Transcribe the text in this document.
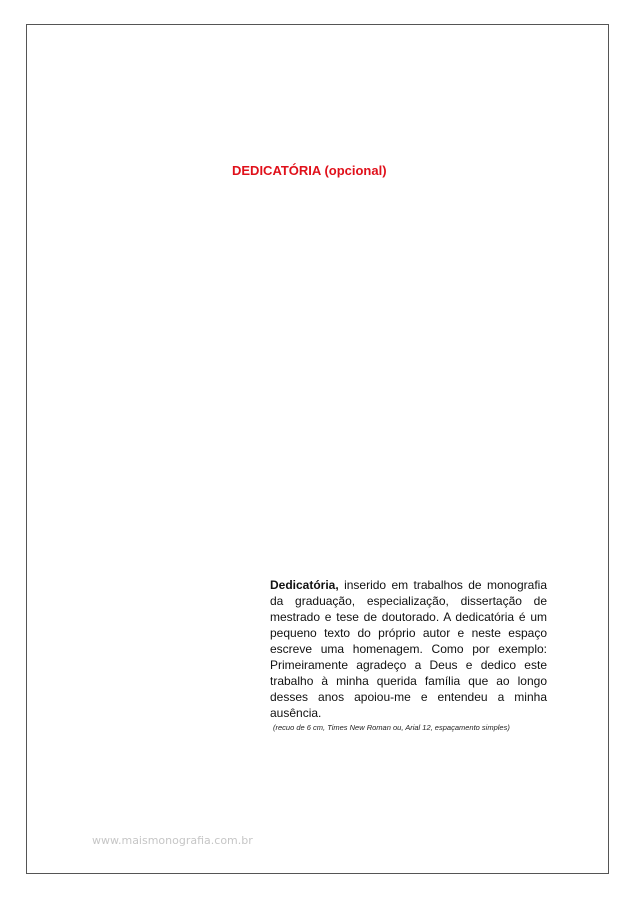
DEDICATÓRIA (opcional)

Dedicatória, inserido em trabalhos de monografia da graduação, especialização, dissertação de mestrado e tese de doutorado. A dedicatória é um pequeno texto do próprio autor e neste espaço escreve uma homenagem. Como por exemplo: Primeiramente agradeço a Deus e dedico este trabalho à minha querida família que ao longo desses anos apoiou-me e entendeu a minha ausência.

(recuo de 6 cm, Times New Roman ou, Arial 12, espaçamento simples)

www.maismonografia.com.br
